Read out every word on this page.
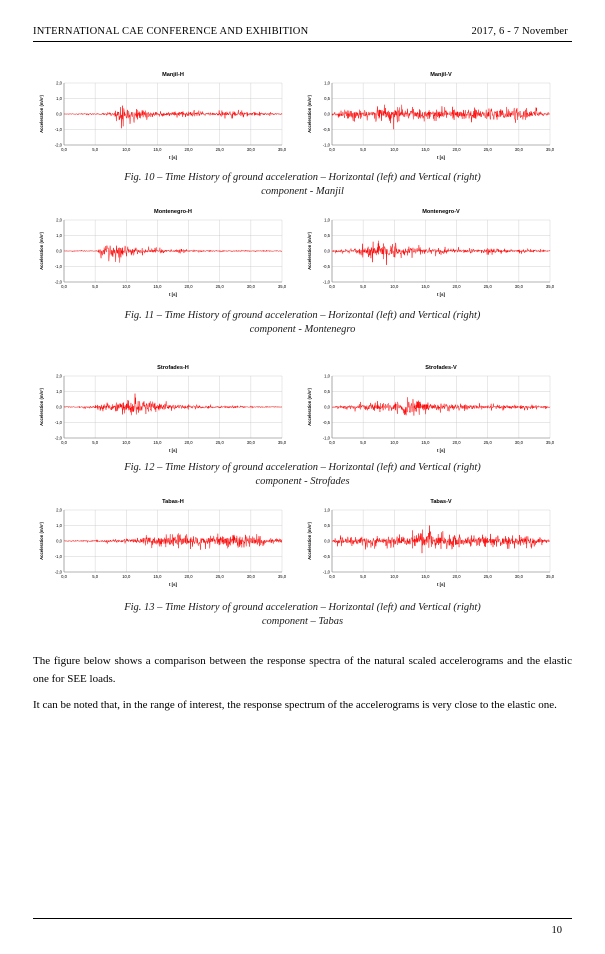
INTERNATIONAL CAE CONFERENCE AND EXHIBITION	2017, 6 - 7 November
0,0	5,0	10,0	15,0	20,0	25,0	30,0	35,0
2,0
1,0
0,0
-1,0
-2,0
Manjil-H
t [s]
Acceleration (m/s²)
0,0	5,0	10,0	15,0	20,0	25,0	30,0	35,0
1,0
0,5
0,0
-0,5
-1,0
Manjil-V
t [s]
Acceleration (m/s²)
Fig. 10 – Time History of ground acceleration – Horizontal (left) and Vertical (right)
component - Manjil
0,0	5,0	10,0	15,0	20,0	25,0	30,0	35,0
2,0
1,0
0,0
-1,0
-2,0
Montenegro-H
t [s]
Acceleration (m/s²)
0,0	5,0	10,0	15,0	20,0	25,0	30,0	35,0
1,0
0,5
0,0
-0,5
-1,0
Montenegro-V
t [s]
Acceleration (m/s²)
Fig. 11 – Time History of ground acceleration – Horizontal (left) and Vertical (right)
component - Montenegro
0,0	5,0	10,0	15,0	20,0	25,0	30,0	35,0
2,0
1,0
0,0
-1,0
-2,0
Strofades-H
t [s]
Acceleration (m/s²)
0,0	5,0	10,0	15,0	20,0	25,0	30,0	35,0
1,0
0,5
0,0
-0,5
-1,0
Strofades-V
t [s]
Acceleration (m/s²)
Fig. 12 – Time History of ground acceleration – Horizontal (left) and Vertical (right)
component - Strofades
0,0	5,0	10,0	15,0	20,0	25,0	30,0	35,0
2,0
1,0
0,0
-1,0
-2,0
Tabas-H
t [s]
Acceleration (m/s²)
0,0	5,0	10,0	15,0	20,0	25,0	30,0	35,0
1,0
0,5
0,0
-0,5
-1,0
Tabas-V
t [s]
Acceleration (m/s²)
Fig. 13 – Time History of ground acceleration – Horizontal (left) and Vertical (right)
component – Tabas
The figure below shows a comparison between the response spectra of the natural scaled accelerograms and the elastic one for SEE loads.
It can be noted that, in the range of interest, the response spectrum of the accelerograms is very close to the elastic one.
10
